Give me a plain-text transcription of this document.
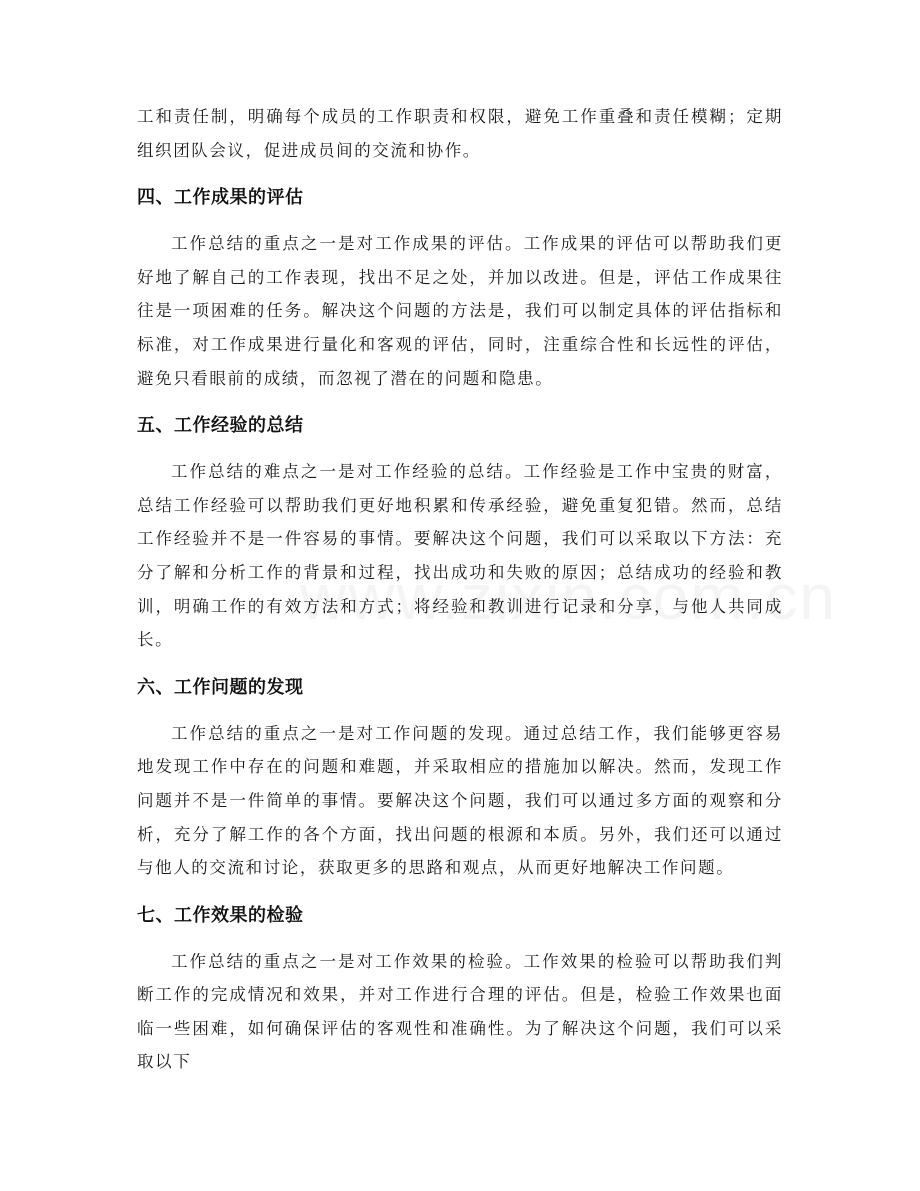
工和责任制，明确每个成员的工作职责和权限，避免工作重叠和责任模糊；定期组织团队会议，促进成员间的交流和协作。

四、工作成果的评估

工作总结的重点之一是对工作成果的评估。工作成果的评估可以帮助我们更好地了解自己的工作表现，找出不足之处，并加以改进。但是，评估工作成果往往是一项困难的任务。解决这个问题的方法是，我们可以制定具体的评估指标和标准，对工作成果进行量化和客观的评估，同时，注重综合性和长远性的评估，避免只看眼前的成绩，而忽视了潜在的问题和隐患。

五、工作经验的总结

工作总结的难点之一是对工作经验的总结。工作经验是工作中宝贵的财富，总结工作经验可以帮助我们更好地积累和传承经验，避免重复犯错。然而，总结工作经验并不是一件容易的事情。要解决这个问题，我们可以采取以下方法：充分了解和分析工作的背景和过程，找出成功和失败的原因；总结成功的经验和教训，明确工作的有效方法和方式；将经验和教训进行记录和分享，与他人共同成长。

六、工作问题的发现

工作总结的重点之一是对工作问题的发现。通过总结工作，我们能够更容易地发现工作中存在的问题和难题，并采取相应的措施加以解决。然而，发现工作问题并不是一件简单的事情。要解决这个问题，我们可以通过多方面的观察和分析，充分了解工作的各个方面，找出问题的根源和本质。另外，我们还可以通过与他人的交流和讨论，获取更多的思路和观点，从而更好地解决工作问题。

七、工作效果的检验

工作总结的重点之一是对工作效果的检验。工作效果的检验可以帮助我们判断工作的完成情况和效果，并对工作进行合理的评估。但是，检验工作效果也面临一些困难，如何确保评估的客观性和准确性。为了解决这个问题，我们可以采取以下
